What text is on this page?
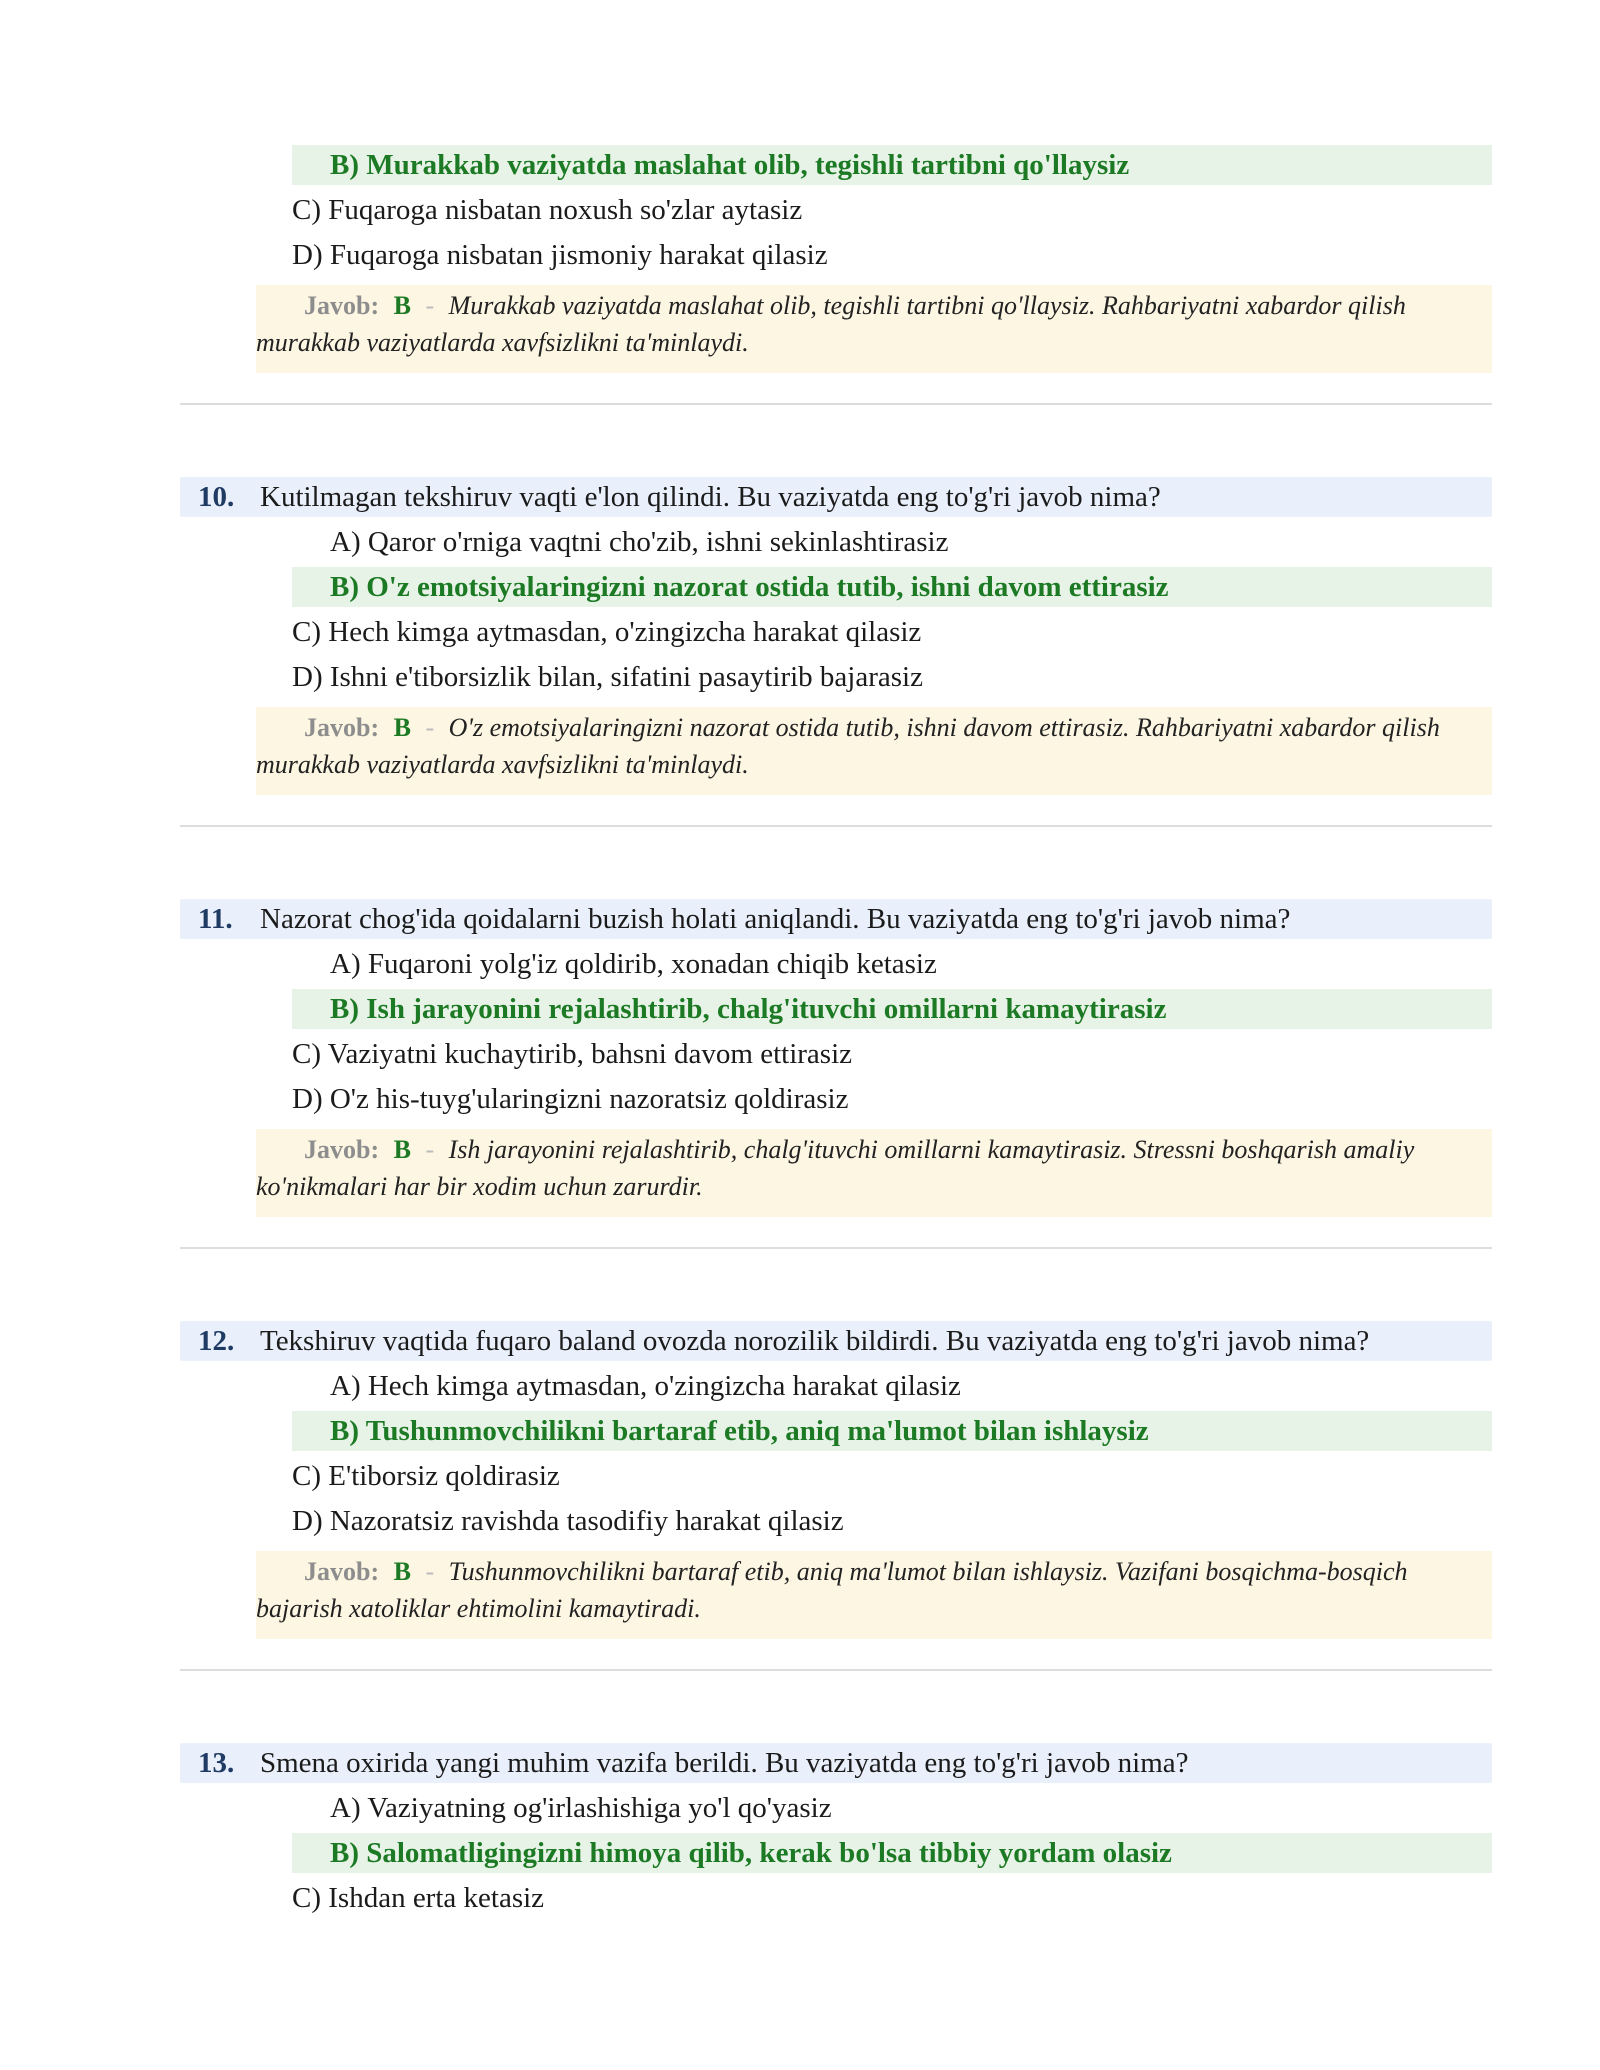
B) Murakkab vaziyatda maslahat olib, tegishli tartibni qo'llaysiz
C) Fuqaroga nisbatan noxush so'zlar aytasiz
D) Fuqaroga nisbatan jismoniy harakat qilasiz
Javob: B - Murakkab vaziyatda maslahat olib, tegishli tartibni qo'llaysiz. Rahbariyatni xabardor qilish murakkab vaziyatlarda xavfsizlikni ta'minlaydi.
10. Kutilmagan tekshiruv vaqti e'lon qilindi. Bu vaziyatda eng to'g'ri javob nima?
A) Qaror o'rniga vaqtni cho'zib, ishni sekinlashtirasiz
B) O'z emotsiyalaringizni nazorat ostida tutib, ishni davom ettirasiz
C) Hech kimga aytmasdan, o'zingizcha harakat qilasiz
D) Ishni e'tiborsizlik bilan, sifatini pasaytirib bajarasiz
Javob: B - O'z emotsiyalaringizni nazorat ostida tutib, ishni davom ettirasiz. Rahbariyatni xabardor qilish murakkab vaziyatlarda xavfsizlikni ta'minlaydi.
11. Nazorat chog'ida qoidalarni buzish holati aniqlandi. Bu vaziyatda eng to'g'ri javob nima?
A) Fuqaroni yolg'iz qoldirib, xonadan chiqib ketasiz
B) Ish jarayonini rejalashtirib, chalg'ituvchi omillarni kamaytirasiz
C) Vaziyatni kuchaytirib, bahsni davom ettirasiz
D) O'z his-tuyg'ularingizni nazoratsiz qoldirasiz
Javob: B - Ish jarayonini rejalashtirib, chalg'ituvchi omillarni kamaytirasiz. Stressni boshqarish amaliy ko'nikmalari har bir xodim uchun zarurdir.
12. Tekshiruv vaqtida fuqaro baland ovozda norozilik bildirdi. Bu vaziyatda eng to'g'ri javob nima?
A) Hech kimga aytmasdan, o'zingizcha harakat qilasiz
B) Tushunmovchilikni bartaraf etib, aniq ma'lumot bilan ishlaysiz
C) E'tiborsiz qoldirasiz
D) Nazoratsiz ravishda tasodifiy harakat qilasiz
Javob: B - Tushunmovchilikni bartaraf etib, aniq ma'lumot bilan ishlaysiz. Vazifani bosqichma-bosqich bajarish xatoliklar ehtimolini kamaytiradi.
13. Smena oxirida yangi muhim vazifa berildi. Bu vaziyatda eng to'g'ri javob nima?
A) Vaziyatning og'irlashishiga yo'l qo'yasiz
B) Salomatligingizni himoya qilib, kerak bo'lsa tibbiy yordam olasiz
C) Ishdan erta ketasiz
